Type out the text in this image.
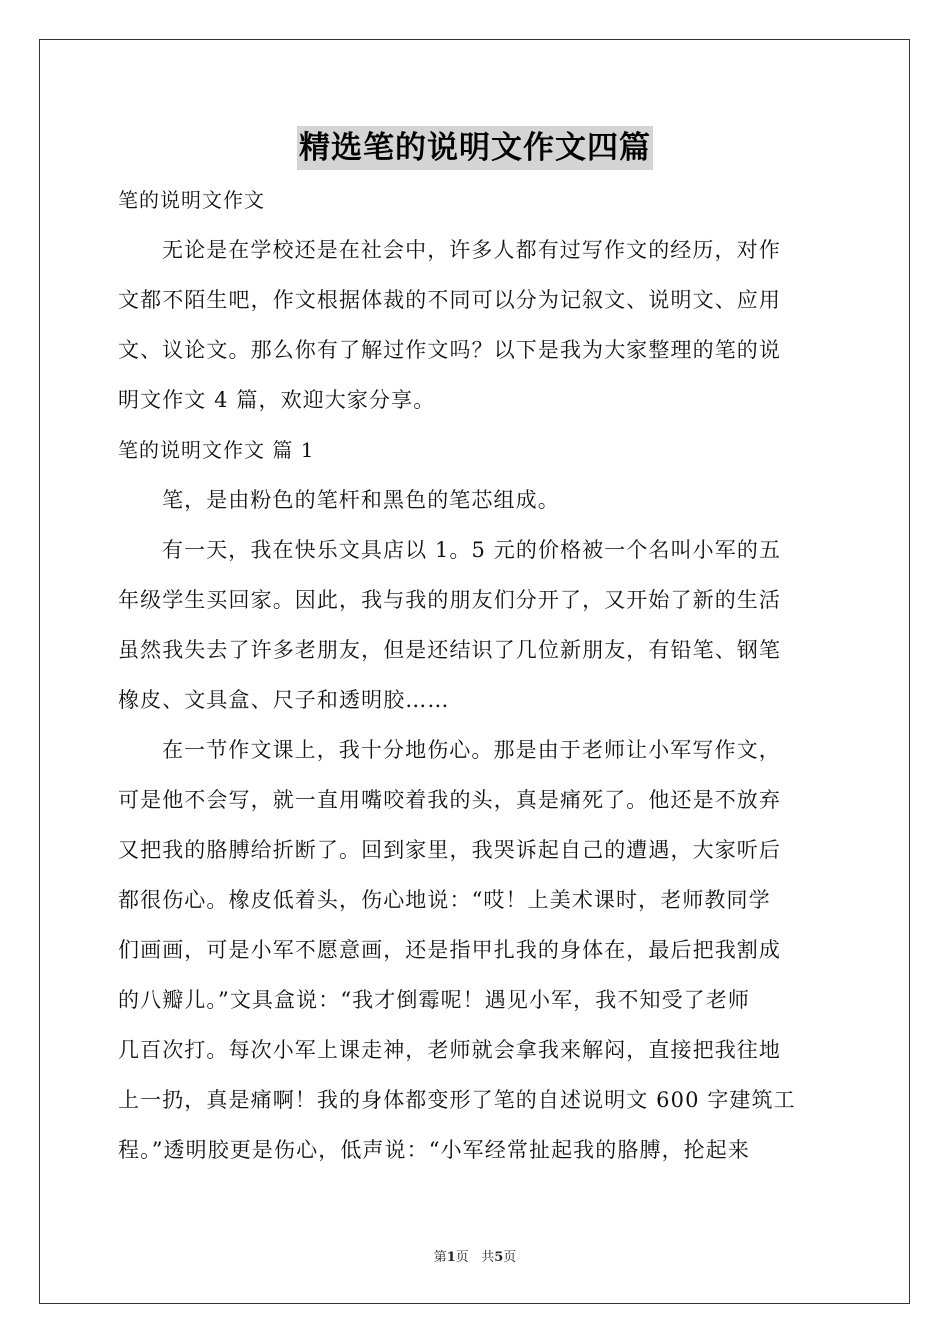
精选笔的说明文作文四篇
笔的说明文作文
无论是在学校还是在社会中，许多人都有过写作文的经历，对作
文都不陌生吧，作文根据体裁的不同可以分为记叙文、说明文、应用
文、议论文。那么你有了解过作文吗？以下是我为大家整理的笔的说
明文作文 4 篇，欢迎大家分享。
笔的说明文作文 篇 1
笔，是由粉色的笔杆和黑色的笔芯组成。
有一天，我在快乐文具店以 1。5 元的价格被一个名叫小军的五
年级学生买回家。因此，我与我的朋友们分开了，又开始了新的生活
虽然我失去了许多老朋友，但是还结识了几位新朋友，有铅笔、钢笔
橡皮、文具盒、尺子和透明胶……
在一节作文课上，我十分地伤心。那是由于老师让小军写作文，
可是他不会写，就一直用嘴咬着我的头，真是痛死了。他还是不放弃
又把我的胳膊给折断了。回到家里，我哭诉起自己的遭遇，大家听后
都很伤心。橡皮低着头，伤心地说：“哎！上美术课时，老师教同学
们画画，可是小军不愿意画，还是指甲扎我的身体在，最后把我割成
的八瓣儿。”文具盒说：“我才倒霉呢！遇见小军，我不知受了老师
几百次打。每次小军上课走神，老师就会拿我来解闷，直接把我往地
上一扔，真是痛啊！我的身体都变形了笔的自述说明文 600 字建筑工
程。”透明胶更是伤心，低声说：“小军经常扯起我的胳膊，抡起来
第1页 共5页
